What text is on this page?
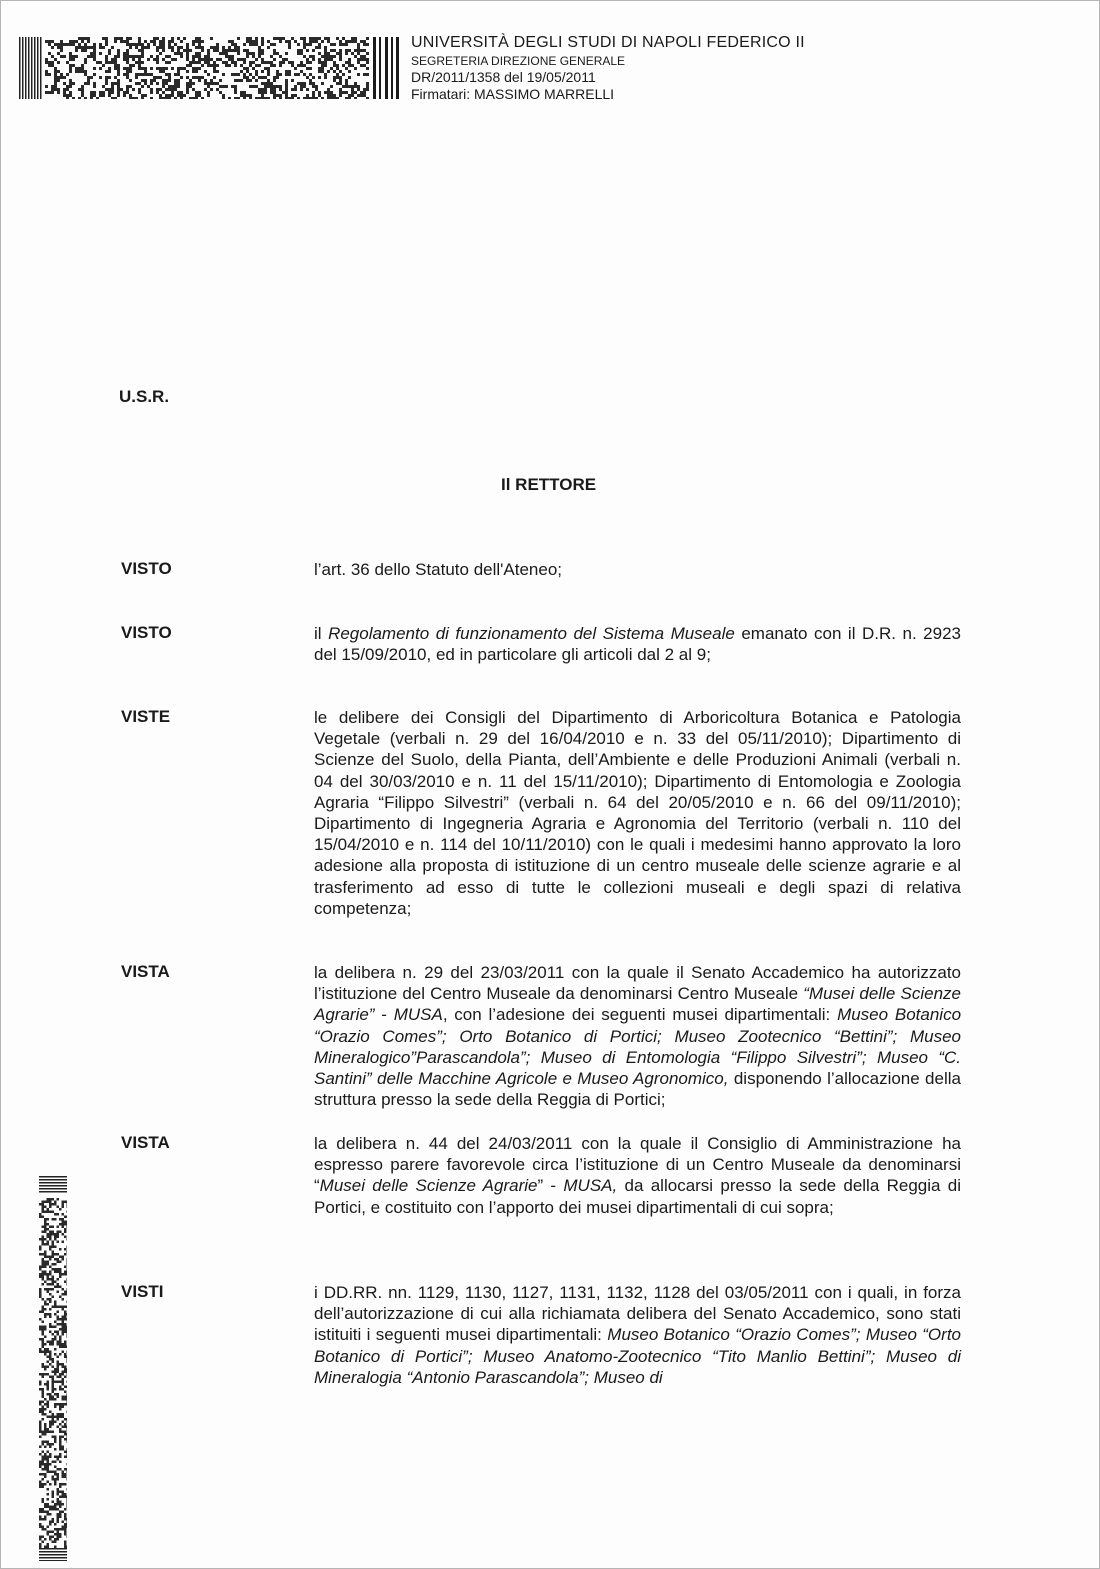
UNIVERSITÀ DEGLI STUDI DI NAPOLI FEDERICO II
SEGRETERIA DIREZIONE GENERALE
DR/2011/1358 del 19/05/2011
Firmatari: MASSIMO MARRELLI
U.S.R.
Il RETTORE
VISTO	l’art. 36 dello Statuto dell'Ateneo;
VISTO	il Regolamento di funzionamento del Sistema Museale emanato con il D.R. n. 2923 del 15/09/2010, ed in particolare gli articoli dal 2 al 9;
VISTE	le delibere dei Consigli del Dipartimento di Arboricoltura Botanica e Patologia Vegetale (verbali n. 29 del 16/04/2010 e n. 33 del 05/11/2010); Dipartimento di Scienze del Suolo, della Pianta, dell’Ambiente e delle Produzioni Animali (verbali n. 04 del 30/03/2010 e n. 11 del 15/11/2010); Dipartimento di Entomologia e Zoologia Agraria “Filippo Silvestri” (verbali n. 64 del 20/05/2010 e n. 66 del 09/11/2010); Dipartimento di Ingegneria Agraria e Agronomia del Territorio (verbali n. 110 del 15/04/2010 e n. 114 del 10/11/2010) con le quali i medesimi hanno approvato la loro adesione alla proposta di istituzione di un centro museale delle scienze agrarie e al trasferimento ad esso di tutte le collezioni museali e degli spazi di relativa competenza;
VISTA	la delibera n. 29 del 23/03/2011 con la quale il Senato Accademico ha autorizzato l’istituzione del Centro Museale da denominarsi Centro Museale “Musei delle Scienze Agrarie” - MUSA, con l’adesione dei seguenti musei dipartimentali: Museo Botanico “Orazio Comes”; Orto Botanico di Portici; Museo Zootecnico “Bettini”; Museo Mineralogico”Parascandola”; Museo di Entomologia “Filippo Silvestri”; Museo “C. Santini” delle Macchine Agricole e Museo Agronomico, disponendo l’allocazione della struttura presso la sede della Reggia di Portici;
VISTA	la delibera n. 44 del 24/03/2011 con la quale il Consiglio di Amministrazione ha espresso parere favorevole circa l’istituzione di un Centro Museale da denominarsi “Musei delle Scienze Agrarie” - MUSA, da allocarsi presso la sede della Reggia di Portici, e costituito con l’apporto dei musei dipartimentali di cui sopra;
VISTI	i DD.RR. nn. 1129, 1130, 1127, 1131, 1132, 1128 del 03/05/2011 con i quali, in forza dell’autorizzazione di cui alla richiamata delibera del Senato Accademico, sono stati istituiti i seguenti musei dipartimentali: Museo Botanico “Orazio Comes”; Museo “Orto Botanico di Portici”; Museo Anatomo-Zootecnico “Tito Manlio Bettini”; Museo di Mineralogia “Antonio Parascandola”; Museo di
